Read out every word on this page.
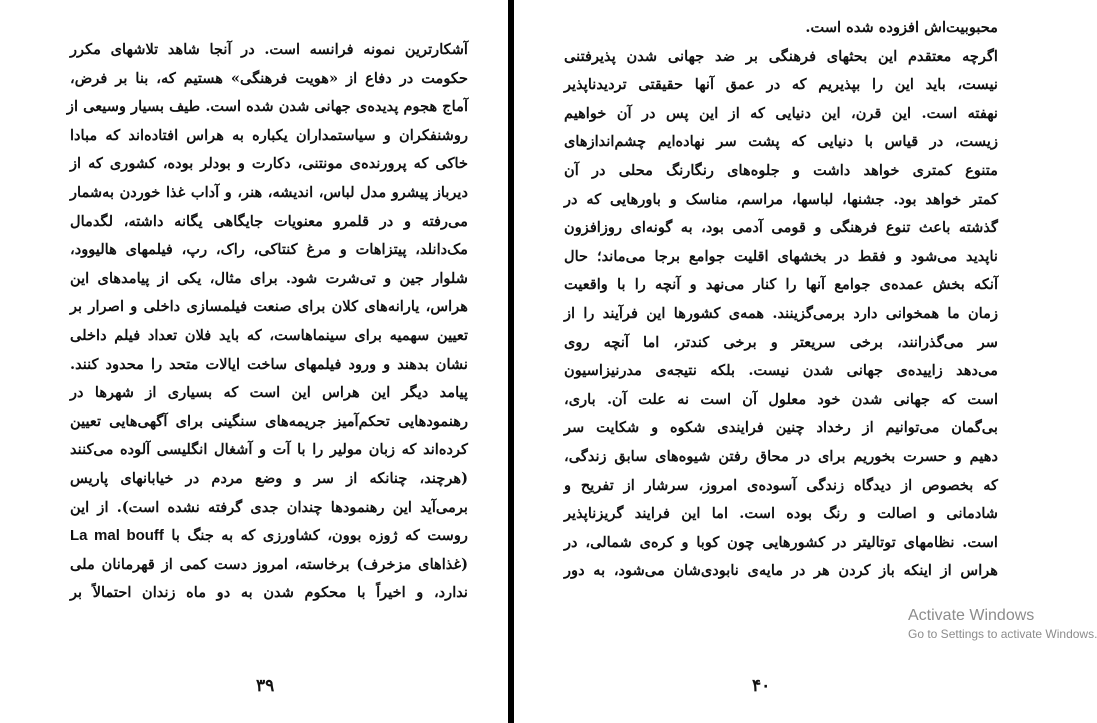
آشکارترین نمونه فرانسه است. در آنجا شاهد تلاشهای مکرر
حکومت در دفاع از «هویت فرهنگی» هستیم که، بنا بر فرض،
آماج هجوم پدیده‌ی جهانی شدن شده است. طیف بسیار وسیعی از
روشنفکران و سیاستمداران یکباره به هراس افتاده‌اند که مبادا
خاکی که پرورنده‌ی مونتنی، دکارت و بودلر بوده، کشوری که از
دیرباز پیشرو مدل لباس، اندیشه، هنر، و آداب غذا خوردن به‌شمار
می‌رفته و در قلمرو معنویات جایگاهی یگانه داشته، لگدمال
مک‌دانلد، پیتزاهات و مرغ کنتاکی، راک، رپ، فیلمهای هالیوود،
شلوار جین و تی‌شرت شود. برای مثال، یکی از پیامدهای این
هراس، یارانه‌های کلان برای صنعت فیلمسازی داخلی و اصرار بر
تعیین سهمیه برای سینماهاست، که باید فلان تعداد فیلم داخلی
نشان بدهند و ورود فیلمهای ساخت ایالات متحد را محدود کنند.
پیامد دیگر این هراس این است که بسیاری از شهرها در
رهنمودهایی تحکم‌آمیز جریمه‌های سنگینی برای آگهی‌هایی تعیین
کرده‌اند که زبان مولیر را با آت و آشغال انگلیسی آلوده می‌کنند
(هرچند، چنانکه از سر و وضع مردم در خیابانهای پاریس
برمی‌آید این رهنمودها چندان جدی گرفته نشده است). از این
روست که ژوزه بوون، کشاورزی که به جنگ با La mal bouff
(غذاهای مزخرف) برخاسته، امروز دست کمی از قهرمانان ملی
ندارد، و اخیراً با محکوم شدن به دو ماه زندان احتمالاً بر
۳۹
محبوبیت‌اش افزوده شده است.
اگرچه معتقدم این بحثهای فرهنگی بر ضد جهانی شدن پذیرفتنی
نیست، باید این را بپذیریم که در عمق آنها حقیقتی تردیدناپذیر
نهفته است. این قرن، این دنیایی که از این پس در آن خواهیم
زیست، در قیاس با دنیایی که پشت سر نهاده‌ایم چشم‌اندازهای
متنوع کمتری خواهد داشت و جلوه‌های رنگارنگ محلی در آن
کمتر خواهد بود. جشنها، لباسها، مراسم، مناسک و باورهایی که در
گذشته باعث تنوع فرهنگی و قومی آدمی بود، به گونه‌ای روزافزون
ناپدید می‌شود و فقط در بخشهای اقلیت جوامع برجا می‌ماند؛ حال
آنکه بخش عمده‌ی جوامع آنها را کنار می‌نهد و آنچه را با واقعیت
زمان ما همخوانی دارد برمی‌گزینند. همه‌ی کشورها این فرآیند را از
سر می‌گذرانند، برخی سریعتر و برخی کندتر، اما آنچه روی
می‌دهد زاییده‌ی جهانی شدن نیست. بلکه نتیجه‌ی مدرنیزاسیون
است که جهانی شدن خود معلول آن است نه علت آن. باری،
بی‌گمان می‌توانیم از رخداد چنین فرایندی شکوه و شکایت سر
دهیم و حسرت بخوریم برای در محاق رفتن شیوه‌های سابق زندگی،
که بخصوص از دیدگاه زندگی آسوده‌ی امروز، سرشار از تفریح و
شادمانی و اصالت و رنگ بوده است. اما این فرایند گریزناپذیر
است. نظامهای توتالیتر در کشورهایی چون کوبا و کره‌ی شمالی، در
هراس از اینکه باز کردن هر در مایه‌ی نابودی‌شان می‌شود، به دور
۴۰
Activate Windows
Go to Settings to activate Windows.
